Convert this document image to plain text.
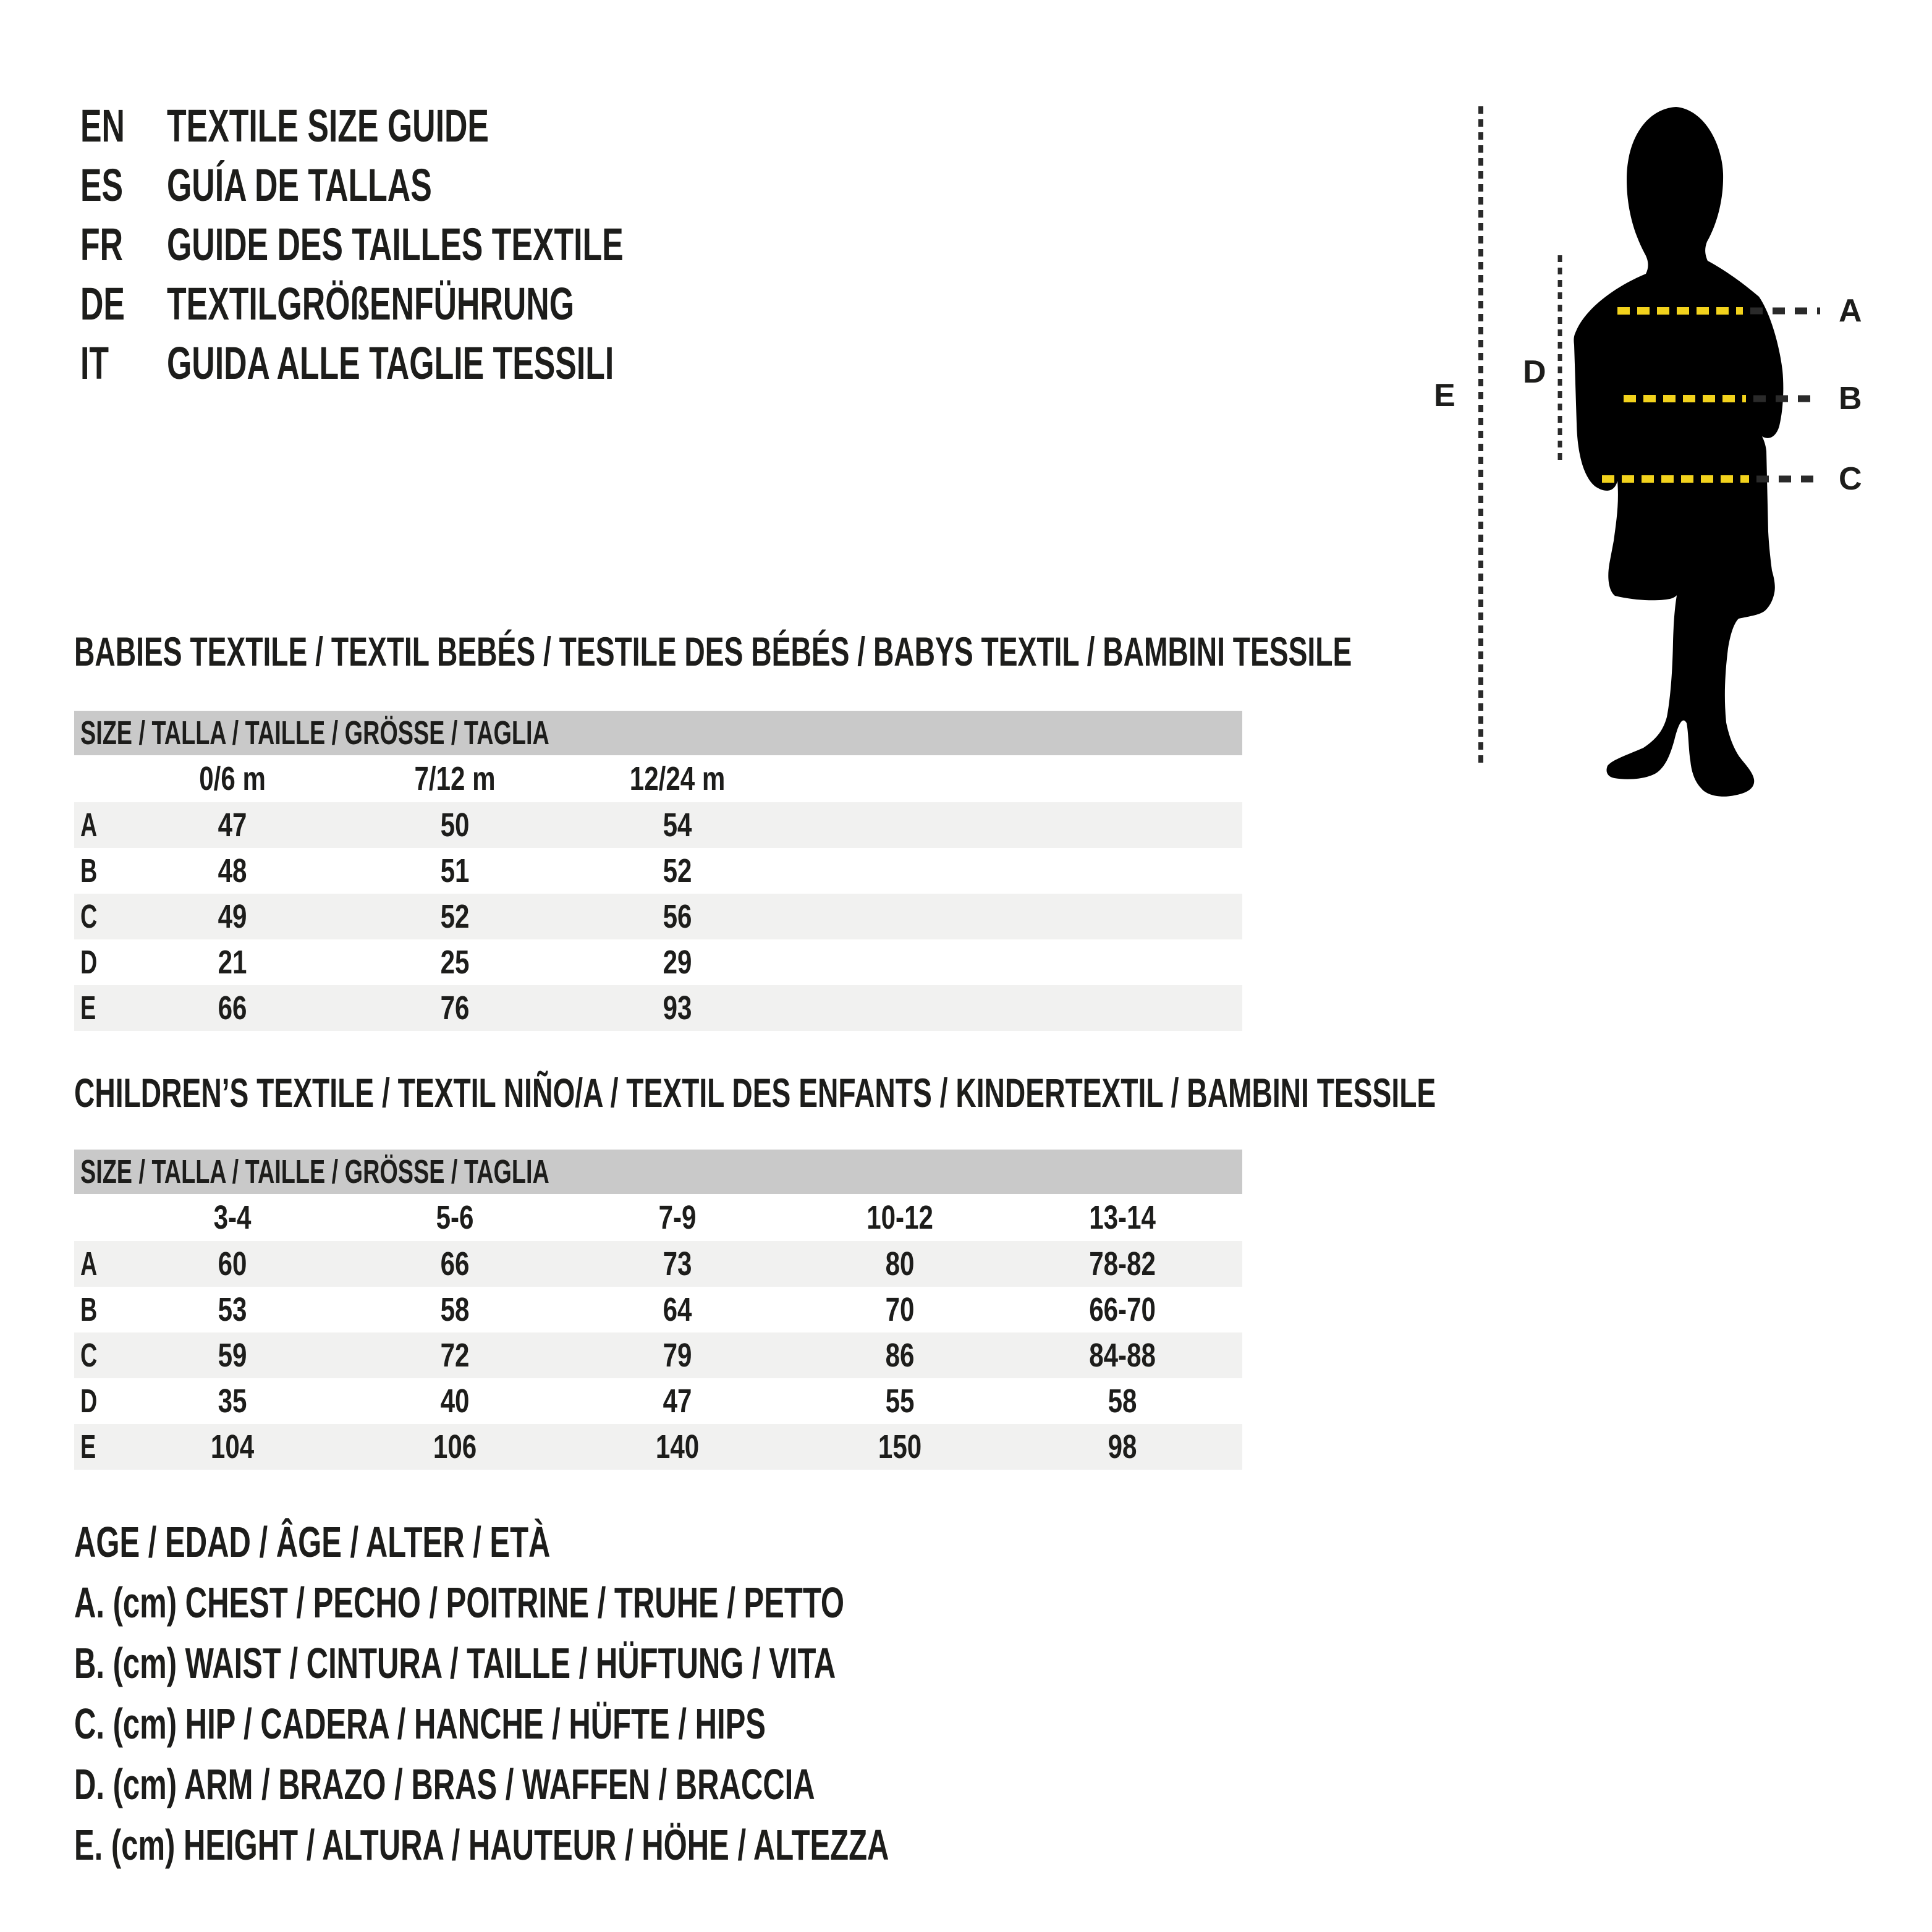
EN TEXTILE SIZE GUIDE
ES GUÍA DE TALLAS
FR GUIDE DES TAILLES TEXTILE
DE TEXTILGRÖßENFÜHRUNG
IT	GUIDA ALLE TAGLIE TESSILI
A
B
C
D
E
BABIES TEXTILE / TEXTIL BEBÉS / TESTILE DES BÉBÉS / BABYS TEXTIL / BAMBINI TESSILE
SIZE / TALLA / TAILLE / GRÖSSE / TAGLIA
0/6 m	7/12 m	12/24 m
A	47	50	54
B	48	51	52
C	49	52	56
D	21	25	29
E	66	76	93
CHILDREN’S TEXTILE / TEXTIL NIÑO/A / TEXTIL DES ENFANTS / KINDERTEXTIL / BAMBINI TESSILE
SIZE / TALLA / TAILLE / GRÖSSE / TAGLIA
3-4	5-6	7-9	10-12	13-14
A	60	66	73	80	78-82
B	53	58	64	70	66-70
C	59	72	79	86	84-88
D	35	40	47	55	58
E	104	106	140	150	98
AGE / EDAD / ÂGE / ALTER / ETÀ
A. (cm) CHEST / PECHO / POITRINE / TRUHE / PETTO
B. (cm) WAIST / CINTURA / TAILLE / HÜFTUNG / VITA
C. (cm) HIP / CADERA / HANCHE / HÜFTE / HIPS
D. (cm) ARM / BRAZO / BRAS / WAFFEN / BRACCIA
E. (cm) HEIGHT / ALTURA / HAUTEUR / HÖHE / ALTEZZA
